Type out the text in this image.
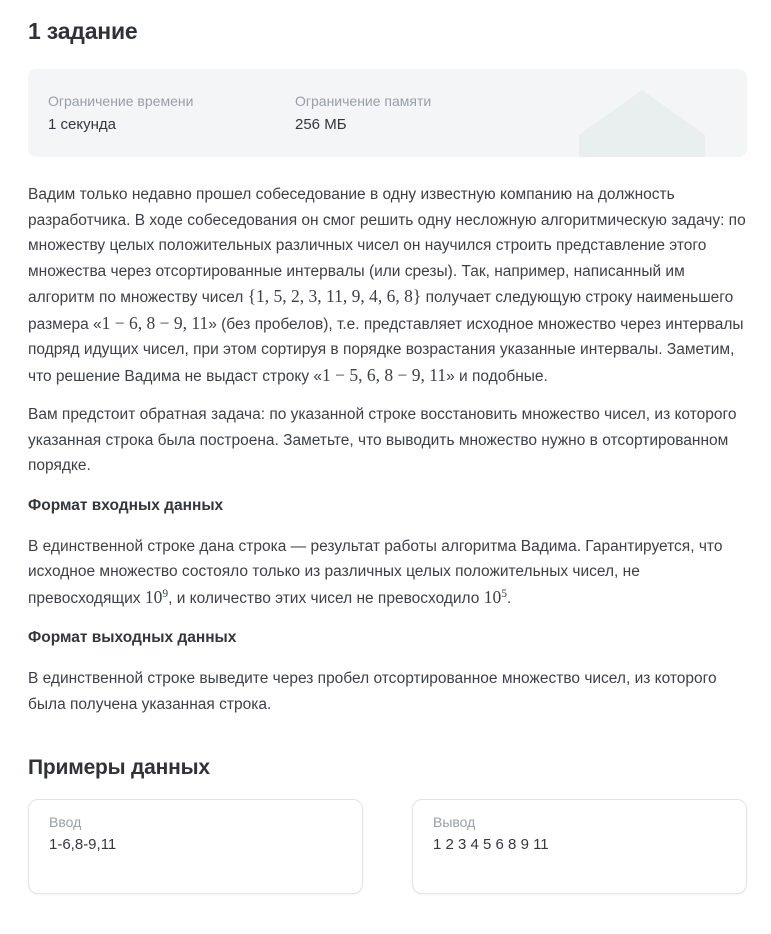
1 задание
Ограничение времени
1 секунда
Ограничение памяти
256 МБ

Вадим только недавно прошел собеседование в одну известную компанию на должность разработчика. В ходе собеседования он смог решить одну несложную алгоритмическую задачу: по множеству целых положительных различных чисел он научился строить представление этого множества через отсортированные интервалы (или срезы). Так, например, написанный им алгоритм по множеству чисел {1, 5, 2, 3, 11, 9, 4, 6, 8} получает следующую строку наименьшего размера «1 − 6, 8 − 9, 11» (без пробелов), т.е. представляет исходное множество через интервалы подряд идущих чисел, при этом сортируя в порядке возрастания указанные интервалы. Заметим, что решение Вадима не выдаст строку «1 − 5, 6, 8 − 9, 11» и подобные.

Вам предстоит обратная задача: по указанной строке восстановить множество чисел, из которого указанная строка была построена. Заметьте, что выводить множество нужно в отсортированном порядке.

Формат входных данных

В единственной строке дана строка — результат работы алгоритма Вадима. Гарантируется, что исходное множество состояло только из различных целых положительных чисел, не превосходящих $10^9$, и количество этих чисел не превосходило $10^5$.

Формат выходных данных

В единственной строке выведите через пробел отсортированное множество чисел, из которого была получена указанная строка.

Примеры данных
Ввод
1-6,8-9,11
Вывод
1 2 3 4 5 6 8 9 11
